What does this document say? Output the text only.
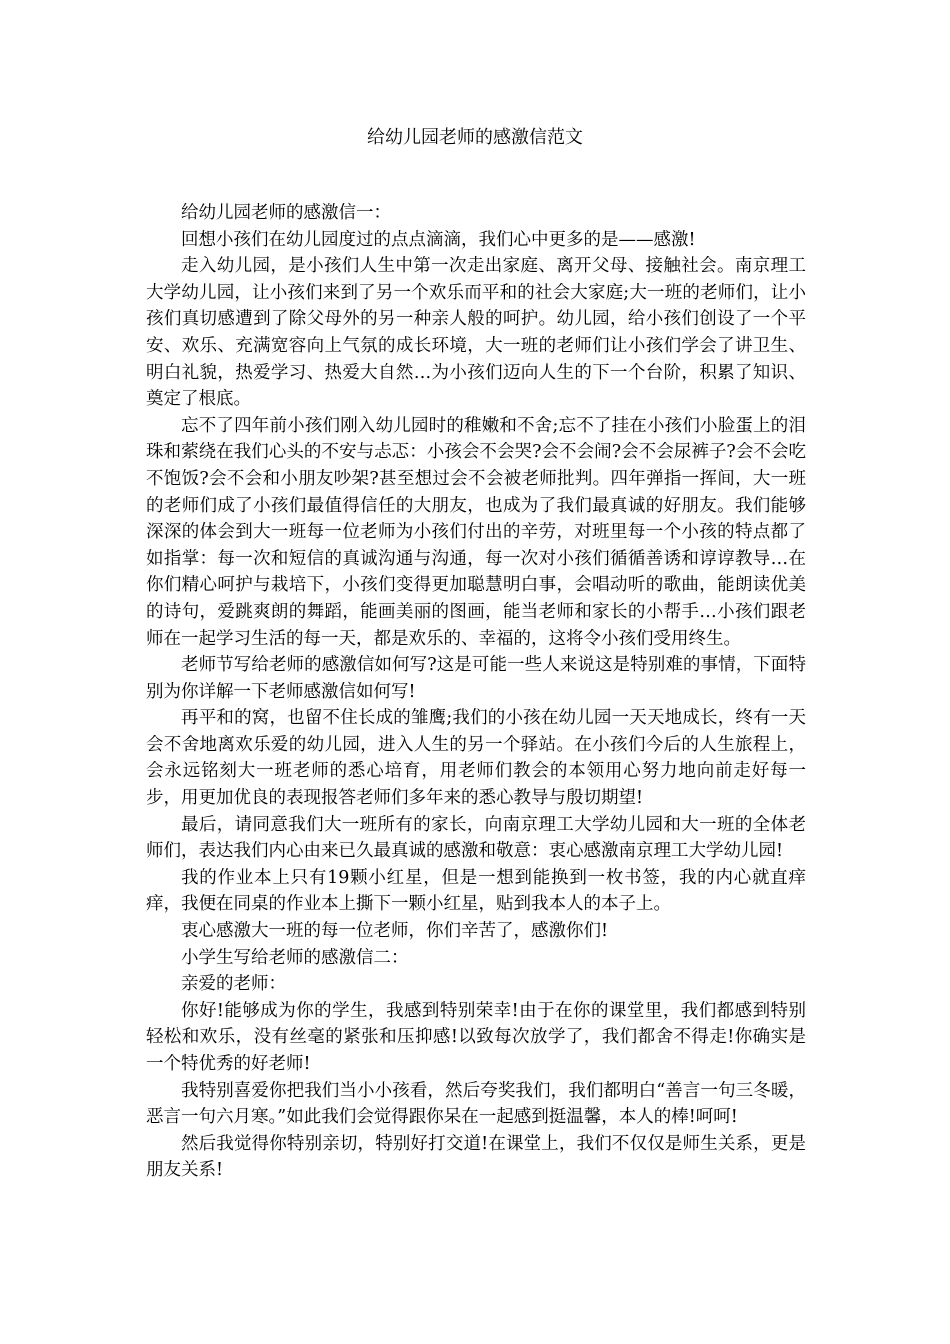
给幼儿园老师的感激信范文

给幼儿园老师的感激信一：

回想小孩们在幼儿园度过的点点滴滴，我们心中更多的是——感激!

走入幼儿园，是小孩们人生中第一次走出家庭、离开父母、接触社会。南京理工大学幼儿园，让小孩们来到了另一个欢乐而平和的社会大家庭;大一班的老师们，让小孩们真切感遭到了除父母外的另一种亲人般的呵护。幼儿园，给小孩们创设了一个平安、欢乐、充满宽容向上气氛的成长环境，大一班的老师们让小孩们学会了讲卫生、明白礼貌，热爱学习、热爱大自然…为小孩们迈向人生的下一个台阶，积累了知识、奠定了根底。

忘不了四年前小孩们刚入幼儿园时的稚嫩和不舍;忘不了挂在小孩们小脸蛋上的泪珠和萦绕在我们心头的不安与忐忑：小孩会不会哭?会不会闹?会不会尿裤子?会不会吃不饱饭?会不会和小朋友吵架?甚至想过会不会被老师批判。四年弹指一挥间，大一班的老师们成了小孩们最值得信任的大朋友，也成为了我们最真诚的好朋友。我们能够深深的体会到大一班每一位老师为小孩们付出的辛劳，对班里每一个小孩的特点都了如指掌：每一次和短信的真诚沟通与沟通，每一次对小孩们循循善诱和谆谆教导…在你们精心呵护与栽培下，小孩们变得更加聪慧明白事，会唱动听的歌曲，能朗读优美的诗句，爱跳爽朗的舞蹈，能画美丽的图画，能当老师和家长的小帮手…小孩们跟老师在一起学习生活的每一天，都是欢乐的、幸福的，这将令小孩们受用终生。

老师节写给老师的感激信如何写?这是可能一些人来说这是特别难的事情，下面特别为你详解一下老师感激信如何写!

再平和的窝，也留不住长成的雏鹰;我们的小孩在幼儿园一天天地成长，终有一天会不舍地离欢乐爱的幼儿园，进入人生的另一个驿站。在小孩们今后的人生旅程上，会永远铭刻大一班老师的悉心培育，用老师们教会的本领用心努力地向前走好每一步，用更加优良的表现报答老师们多年来的悉心教导与殷切期望!

最后，请同意我们大一班所有的家长，向南京理工大学幼儿园和大一班的全体老师们，表达我们内心由来已久最真诚的感激和敬意：衷心感激南京理工大学幼儿园!

我的作业本上只有19颗小红星，但是一想到能换到一枚书签，我的内心就直痒痒，我便在同桌的作业本上撕下一颗小红星，贴到我本人的本子上。

衷心感激大一班的每一位老师，你们辛苦了，感激你们!

小学生写给老师的感激信二：

亲爱的老师：

你好!能够成为你的学生，我感到特别荣幸!由于在你的课堂里，我们都感到特别轻松和欢乐，没有丝毫的紧张和压抑感!以致每次放学了，我们都舍不得走!你确实是一个特优秀的好老师!

我特别喜爱你把我们当小小孩看，然后夸奖我们，我们都明白“善言一句三冬暖，恶言一句六月寒。”如此我们会觉得跟你呆在一起感到挺温馨，本人的棒!呵呵!

然后我觉得你特别亲切，特别好打交道!在课堂上，我们不仅仅是师生关系，更是朋友关系!
